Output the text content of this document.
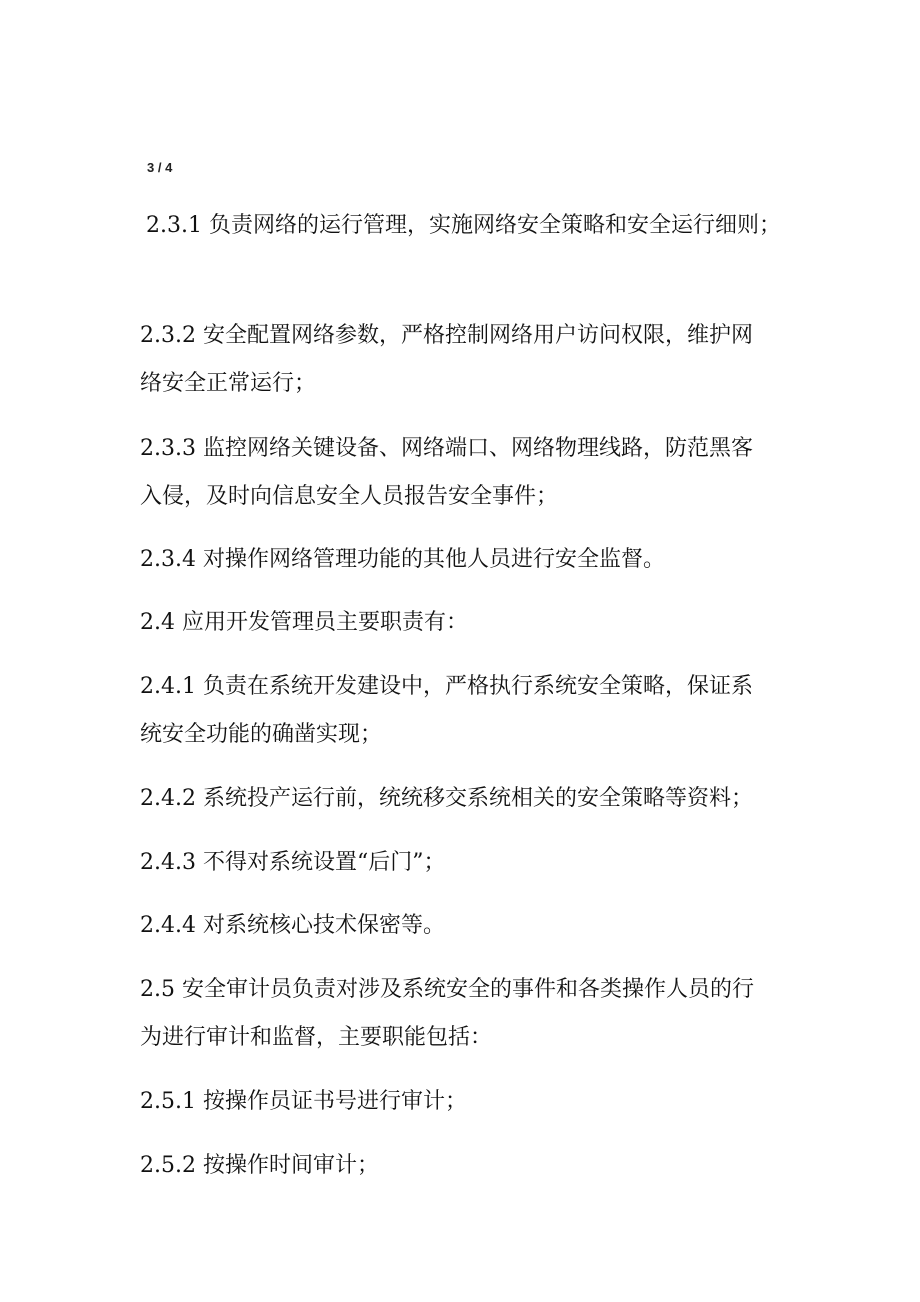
3 / 4
2.3.1 负责网络的运行管理，实施网络安全策略和安全运行细则；
2.3.2 安全配置网络参数，严格控制网络用户访问权限，维护网
络安全正常运行；
2.3.3 监控网络关键设备、网络端口、网络物理线路，防范黑客
入侵，及时向信息安全人员报告安全事件；
2.3.4 对操作网络管理功能的其他人员进行安全监督。
2.4 应用开发管理员主要职责有：
2.4.1 负责在系统开发建设中，严格执行系统安全策略，保证系
统安全功能的确凿实现；
2.4.2 系统投产运行前，统统移交系统相关的安全策略等资料；
2.4.3 不得对系统设置“后门”；
2.4.4 对系统核心技术保密等。
2.5 安全审计员负责对涉及系统安全的事件和各类操作人员的行
为进行审计和监督，主要职能包括：
2.5.1 按操作员证书号进行审计；
2.5.2 按操作时间审计；
